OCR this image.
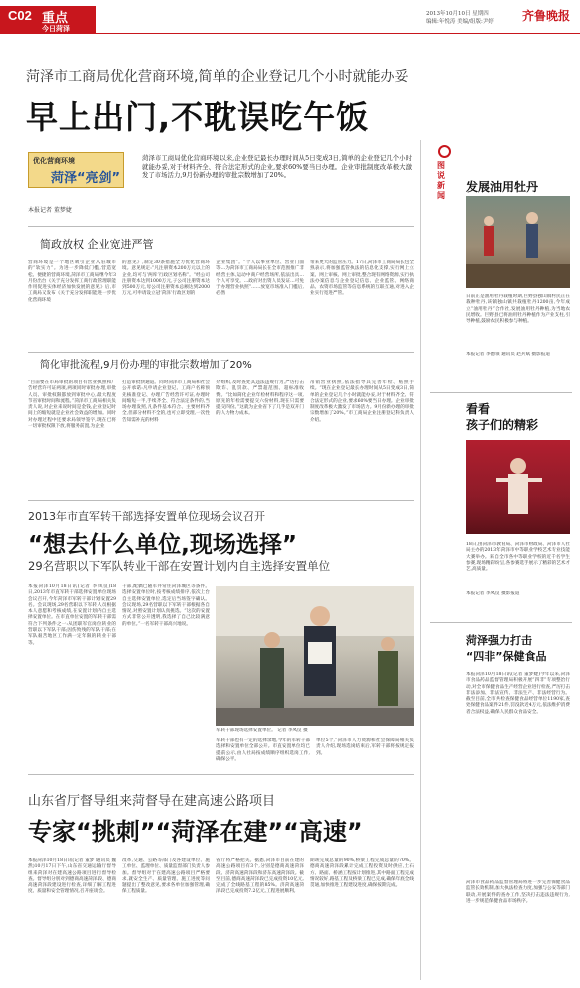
C02 重点
今日菏泽
2013年10月10日 星期四
编辑:年悦涛 美编/组版:尹婷 齐鲁晚报
菏泽市工商局优化营商环境,简单的企业登记几个小时就能办妥
早上出门,不耽误吃午饭
优化营商环境
菏泽“亮剑”
菏泽市工商局优化营商环境以来,企业登记最长办理时间从5日变成3日,简单的企业登记几个小时就能办妥,对于材料齐全、符合法定形式的企业,要求60%要当日办理。企业审批制度改革极大激发了市场活力,9月份新办理的审批宗数增加了20%。
本报记者 董梦婕
简政放权 企业宽进严管
营商环境是一个地区吸引企业入驻城市的“软实力”。为进一步降低门槛,营造宽松、便捷的营商环境,菏泽市工商局继今年3月份出台《关于充分发挥工商行政管理职能作用促进实体经济加快发展的意见》后,市工商局又发布《关于充分发挥职能进一步优化营商环境
的意见》,制定30条措施全力优化营商环境。意见规定:“凡注册资本200万元以上的企业,均可与‘两库’行政区划名称”。“经公司注册资本达到1000万元,子公司注册资本达到500万元,母公司注册资本总额达到2000万元,可申请设立冠‘菏泽’行政区划的
企业集团”。“个人以事业单位、营业门面等…为菏泽市工商局局长在全市范围推广非经营主体,运动中商户经营场所,依法出具…个人可享受。…政府对出资人员发证…可免于办理营业执照”……放宽市场准入门槛后,必然
带来更大的监管压力。17日,菏泽市工商局局长包全熟表示,将加强监管执法的信息化支撑,实行网上立案、网上审核、网上审批,整合现有网络资源,实行执法办案信息与企业登记信息、企业监管、网络商品、农资市场监管等信息系统的互联互通,对进入企业实行宽进严管。
简化审批流程,9月份办理的审批宗数增加了20%
“目前要在市局审批的项目有营业执照和广告经营许可证两项,两项同时审批办理,审批人员、审批权限都放到审批中心,最大程度节省审批时间和流程。”菏泽市工商局相关负责人说,对企业来说时间是金钱,企业登记时间上的缩短就是企业社会效益的增加。同时对办理过程中还要求局领导签字,现在已将一切审批权限下放,将服务前置,为企业
打造审批快通道。同时菏泽市工商局和社会公开承诺:凡申请企业登记、工商户名称预先核准登记、办理广告经营许可证,办理时间缩短一半,手续齐全、符合法定条件的,当场办理发照,凡条件基本符合、主要材料齐全,但部分材料不全的,也可立即受理,一次性告知需补充的材料
介组织,及时查处其违法违规行为,严厉打击欺诈、乱罚款、严禁超范围、超标准收费。“比如简化企业年检材料和程序这一项,原先的年检需要提交六份材料,现在只需要提交四份。”这就为企业省下了几乎是双开门的人力物力成本。
吊销营业执照,依法指导其完善年检、贴照手续。“现在企业登记最长办理时间从5日变成3日,简单的企业登记几个小时就能办妥,对于材料齐全、符合法定形式的企业,要求60%要当日办理。企业审批制度改革极大激发了市场活力。9月份新办理的审批宗数增加了20%。”市工商局企业注册登记科负责人介绍。
图说新闻
发展油用牡丹
日前正是油用牡丹栽植时期,巨野县独山镇村民正在栽种牡丹,该镇独山镇共栽植牡丹1200亩,今年成立“油用牡丹”合作社,发展油用牡丹种植,为当地农民增收。巨野县已将油用牡丹种植作为产业支柱,引导种植,鼓励农民积极参与种植。
本报记者 李德领 通讯员 赵兵斌 摄影报道
看看
孩子们的精彩
18日,由菏泽市教育局、菏泽市财政局、菏泽市人社局主办的2013年菏泽市中等职业学校艺术专业技能大赛举办。来自全市各中等职业学校的近千名学生参赛,现场精彩纷呈,各参赛选手展示了精彩的艺术才艺,高质量。
本报记者 李凤仪 摄影报道
菏泽强力打击
“四非”保健食品
本报菏泽10月18日讯(记者 董梦婕)今年以来,菏泽市食品药品监督管理局积极开展“四非”专项整治行动,对全市保健食品生产经营企业进行检查,严厉打击非法添加、非法宣传、非法生产、非法经营行为。截至目前,全市共检查保健食品经营单位1190家,查处保健食品案件21件,罚没款近4万元,依法维护消费者合法权益,确保人民群众食品安全。
菏泽市食品药品监督管理局将进一步完善保健食品监管长效机制,加大执法检查力度,加强与公安等部门联动,开展案件的查办工作,坚决打击违法违规行为,进一步规范保健食品市场秩序。
2013年市直军转干部选择安置单位现场会议召开
“想去什么单位,现场选择”
29名营职以下军队转业干部在安置计划内自主选择安置单位
本报菏泽10月18日讯(记者 李凤仪)18日,2013年市直军转干部选择安置单位现场会议召开,今年菏泽市军转干部计划安置29名。会议现场,29名营职以下军转人员根据本人意愿和考核成绩,在安置计划内自主选择安置单位。在市直单位安置的军转干部需符合下列条件之一:从团职军官岗位转业的营职以下军队干部;因伤致残的军队干部;在军队艰苦地区工作满一定年限的转业干部等。
干部,配偶已随军并常住菏泽城区等条件。选择安置单位时,按考核成绩排序,依次上台自主选择安置单位,选定后当场签字确认。会议现场,29名营职以下军转干部根据各自情况,对照安置计划认真挑选。“这次的安置方式非常公开透明,我选择了自己比较满意的单位。”一名军转干部高兴地说。
军转干部现场选择安置单位。 记者 李凤仪 摄
军转干部也有一定的选择余地,今年的军转干部选择和安置单位全部公开。市直安置单位均已提前公示,由人社局按成绩顺序组织选岗工作,确保公平。
单位5个,“菏泽市人力资源和社会保障局相关负责人介绍,现场选岗结束后,军转干部将按规定报到。
山东省厅督导组来菏督导在建高速公路项目
专家“挑刺”“菏泽在建”“高速”
本报菏泽10月18日讯(记者 董梦 通讯员 魏然)10月17日下午,山东省交通运输厅督导组来菏泽对在建高速公路项目进行督导检查。督导组分别对到德商高速菏泽段、德商高速菏泽段建设进行检查,详细了解工程进度、质量和安全管理情况,召开座谈会。
改革,交通、公路等部门及各建设单位、施工单位、监理单位、质量监督部门负责人参加。督导组对于在建高速公路项目严格要求,就安全生产、质量管理、施工进度等问题提出了整改意见,要求各单位加强管理,确保工程质量。
省厅将严格把关。据悉,菏泽市目前在建的高速公路项目有3个,分别是德商高速菏泽段、济菏高速菏泽段和济东高速菏泽段。截至目前,德商高速菏泽段已完成投资10亿元,完成了全线路基工程的85%。济菏高速菏泽段已完成投资7.2亿元,工程进展顺利。
期竣完成总量的90%,桥梁工程完成总量的70%。德商高速菏泽段累计完成工程投资及时供应,土石方、路面、桥涵工程按计划推进,其中路面工程完成情况较好,路基工程及桥梁工程已完成,确保年底全线贯通,加快推进工程建设进度,确保按期完成。
